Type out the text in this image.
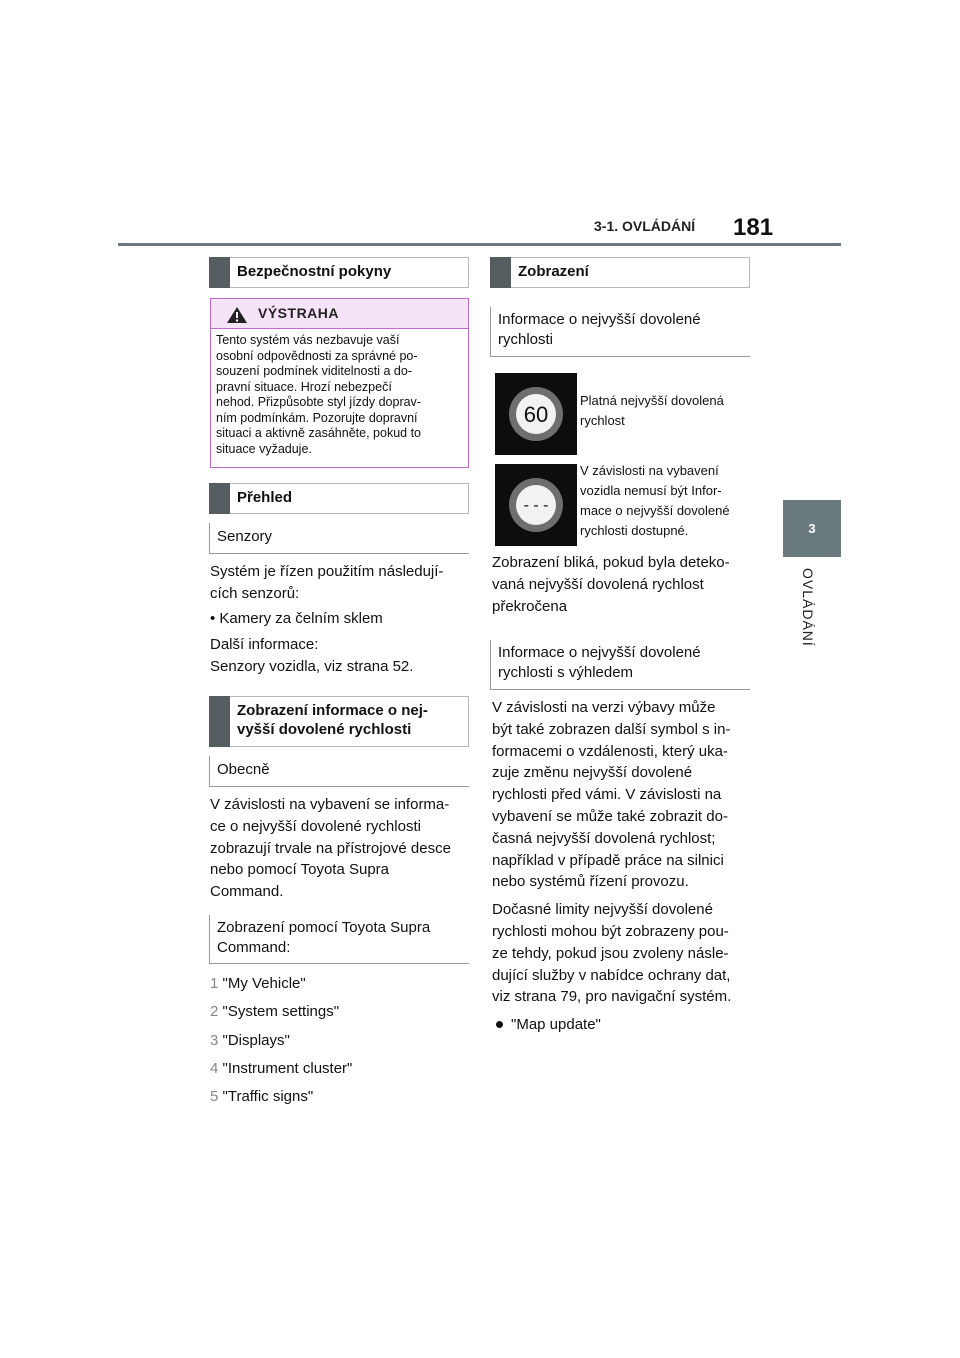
3-1. OVLÁDÁNÍ 181
3
OVLÁDÁNÍ
Bezpečnostní pokyny
VÝSTRAHA
Tento systém vás nezbavuje vaší
osobní odpovědnosti za správné po-
souzení podmínek viditelnosti a do-
pravní situace. Hrozí nebezpečí
nehod. Přizpůsobte styl jízdy doprav-
ním podmínkám. Pozorujte dopravní
situaci a aktivně zasáhněte, pokud to
situace vyžaduje.
Přehled
Senzory
Systém je řízen použitím následují-
cích senzorů:
• Kamery za čelním sklem
Další informace:
Senzory vozidla, viz strana 52.
Zobrazení informace o nej-
vyšší dovolené rychlosti
Obecně
V závislosti na vybavení se informa-
ce o nejvyšší dovolené rychlosti
zobrazují trvale na přístrojové desce
nebo pomocí Toyota Supra
Command.
Zobrazení pomocí Toyota Supra
Command:
1 "My Vehicle"
2 "System settings"
3 "Displays"
4 "Instrument cluster"
5 "Traffic signs"
Zobrazení
Informace o nejvyšší dovolené
rychlosti
60
Platná nejvyšší dovolená
rychlost
- - -
V závislosti na vybavení
vozidla nemusí být Infor-
mace o nejvyšší dovolené
rychlosti dostupné.
Zobrazení bliká, pokud byla deteko-
vaná nejvyšší dovolená rychlost
překročena
Informace o nejvyšší dovolené
rychlosti s výhledem
V závislosti na verzi výbavy může
být také zobrazen další symbol s in-
formacemi o vzdálenosti, který uka-
zuje změnu nejvyšší dovolené
rychlosti před vámi. V závislosti na
vybavení se může také zobrazit do-
časná nejvyšší dovolená rychlost;
například v případě práce na silnici
nebo systémů řízení provozu.
Dočasné limity nejvyšší dovolené
rychlosti mohou být zobrazeny pou-
ze tehdy, pokud jsou zvoleny násle-
dující služby v nabídce ochrany dat,
viz strana 79, pro navigační systém.
"Map update"
